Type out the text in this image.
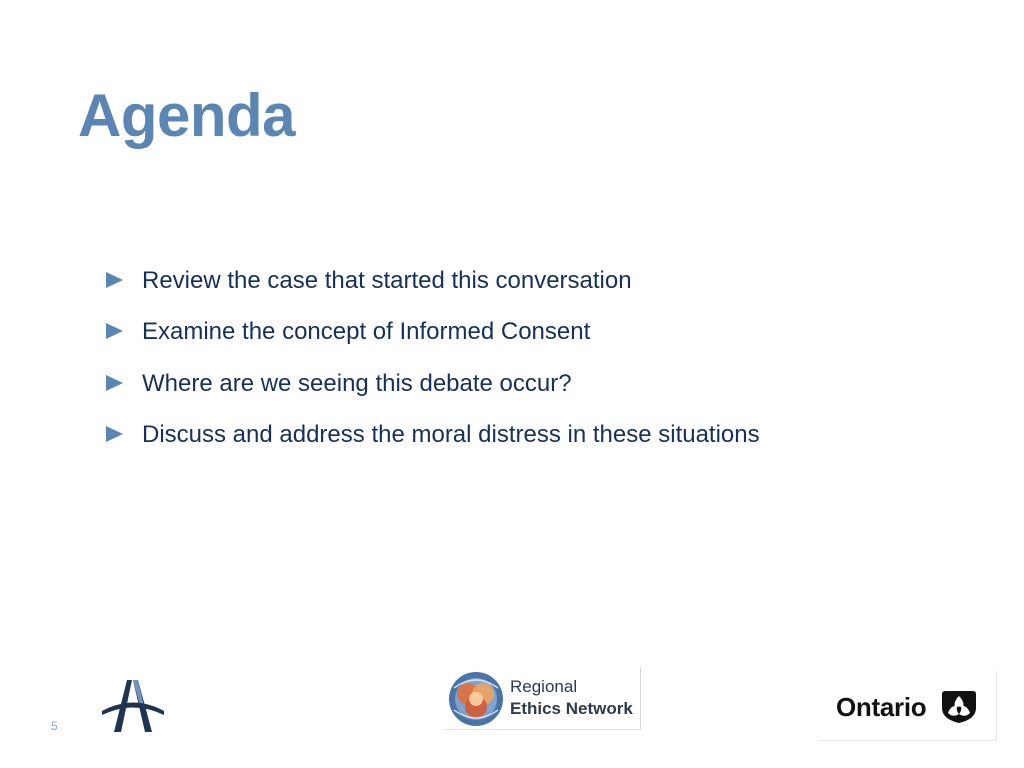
Agenda
Review the case that started this conversation
Examine the concept of Informed Consent
Where are we seeing this debate occur?
Discuss and address the moral distress in these situations
5
Regional
Ethics Network	Ontario
